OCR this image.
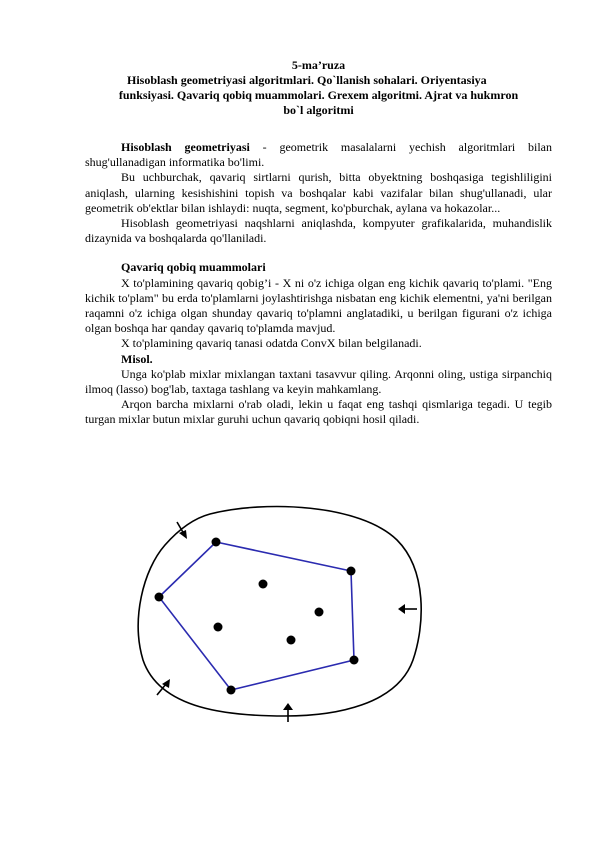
5-ma’ruza

Hisoblash geometriyasi algoritmlari. Qo`llanish sohalari. Oriyentasiya

funksiyasi. Qavariq qobiq muammolari. Grexem algoritmi. Ajrat va hukmron

bo`l algoritmi

Hisoblash geometriyasi - geometrik masalalarni yechish algoritmlari bilan shug'ullanadigan informatika bo'limi.

Bu uchburchak, qavariq sirtlarni qurish, bitta obyektning boshqasiga tegishliligini aniqlash, ularning kesishishini topish va boshqalar kabi vazifalar bilan shug'ullanadi, ular geometrik ob'ektlar bilan ishlaydi: nuqta, segment, ko'pburchak, aylana va hokazolar...

Hisoblash geometriyasi naqshlarni aniqlashda, kompyuter grafikalarida, muhandislik dizaynida va boshqalarda qo'llaniladi.

Qavariq qobiq muammolari

X to'plamining qavariq qobig’i - X ni o'z ichiga olgan eng kichik qavariq to'plami. "Eng kichik to'plam" bu erda to'plamlarni joylashtirishga nisbatan eng kichik elementni, ya'ni berilgan raqamni o'z ichiga olgan shunday qavariq to'plamni anglatadiki, u berilgan figurani o'z ichiga olgan boshqa har qanday qavariq to'plamda mavjud.

X to'plamining qavariq tanasi odatda ConvX bilan belgilanadi.

Misol.

Unga ko'plab mixlar mixlangan taxtani tasavvur qiling. Arqonni oling, ustiga sirpanchiq ilmoq (lasso) bog'lab, taxtaga tashlang va keyin mahkamlang.

Arqon barcha mixlarni o'rab oladi, lekin u faqat eng tashqi qismlariga tegadi. U tegib turgan mixlar butun mixlar guruhi uchun qavariq qobiqni hosil qiladi.
